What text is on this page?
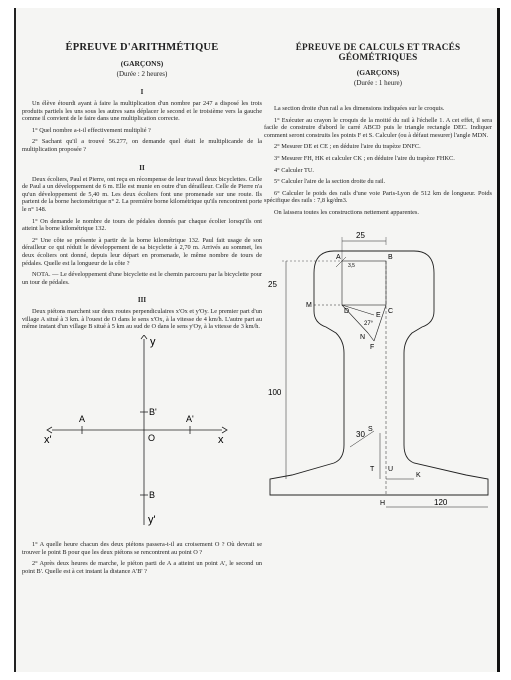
ÉPREUVE D'ARITHMÉTIQUE
(GARÇONS)
(Durée : 2 heures)
I

Un élève étourdi ayant à faire la multiplication d'un nombre par 247 a disposé les trois produits partiels les uns sous les autres sans déplacer le second et le troisième vers la gauche comme il convient de le faire dans une multiplication correcte.

1° Quel nombre a-t-il effectivement multiplié ?

2° Sachant qu'il a trouvé 56.277, on demande quel était le multiplicande de la multiplication proposée ?

II

Deux écoliers, Paul et Pierre, ont reçu en récompense de leur travail deux bicyclettes. Celle de Paul a un développement de 6 m. Elle est munie en outre d'un dérailleur. Celle de Pierre n'a qu'un développement de 5,40 m. Les deux écoliers font une promenade sur une route. Ils partent de la borne hectométrique n° 2. La première borne kilométrique qu'ils rencontrent porte le n° 148.

1° On demande le nombre de tours de pédales donnés par chaque écolier lorsqu'ils ont atteint la borne kilométrique 132.

2° Une côte se présente à partir de la borne kilométrique 132. Paul fait usage de son dérailleur ce qui réduit le développement de sa bicyclette à 2,70 m. Arrivés au sommet, les deux écoliers ont donné, depuis leur départ en promenade, le même nombre de tours de pédales. Quelle est la longueur de la côte ?

NOTA. — Le développement d'une bicyclette est le chemin parcouru par la bicyclette pour un tour de pédales.

III

Deux piétons marchent sur deux routes perpendiculaires x'Ox et y'Oy. Le premier part d'un village A situé à 3 km. à l'ouest de O dans le sens x'Ox, à la vitesse de 4 km/h. L'autre part au même instant d'un village B situé à 5 km au sud de O dans le sens y'Oy, à la vitesse de 3 km/h.

y
y'
x
x'	O
A	A'
B'
B

1° A quelle heure chacun des deux piétons passera-t-il au croisement O ? Où devrait se trouver le point B pour que les deux piétons se rencontrent au point O ?

2° Après deux heures de marche, le piéton parti de A a atteint un point A', le second un point B'. Quelle est à cet instant la distance A'B' ?

ÉPREUVE DE CALCULS ET TRACÉS GÉOMÉTRIQUES
(GARÇONS)
(Durée : 1 heure)

La section droite d'un rail a les dimensions indiquées sur le croquis.

1° Exécuter au crayon le croquis de la moitié du rail à l'échelle 1. A cet effet, il sera facile de construire d'abord le carré ABCD puis le triangle rectangle DEC. Indiquer comment seront construits les points F et S. Calculer (ou à défaut mesurer) l'angle MDN.

2° Mesurer DE et CE ; en déduire l'aire du trapèze DNFC.

3° Mesurer FH, HK et calculer CK ; en déduire l'aire du trapèze FHKC.

4° Calculer TU.

5° Calculer l'aire de la section droite du rail.

6° Calculer le poids des rails d'une voie Paris-Lyon de 512 km de longueur. Poids spécifique des rails : 7,8 kg/dm3.

On laissera toutes les constructions nettement apparentes.

25
25
100
120
A	B
C
D
E
F
M
N
S
T U
H
K
30
27°
3,5
